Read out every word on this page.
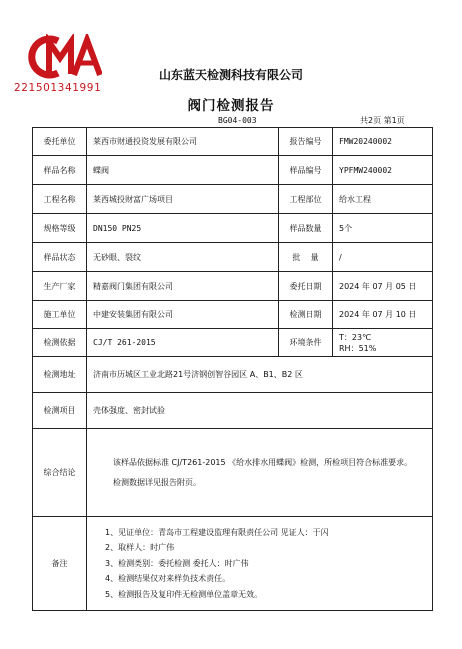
221501341991
山东蓝天检测科技有限公司
阀门检测报告
BG04-003	共2页 第1页
委托单位	莱西市财通投资发展有限公司	报告编号	FMW20240002
样品名称	蝶阀	样品编号	YPFMW240002
工程名称	莱西城投财富广场项目	工程部位	给水工程
规格等级	DN150 PN25	样品数量	5个
样品状态	无砂眼、裂纹	批    量	/
生产厂家	精嘉阀门集团有限公司	委托日期	2024 年 07 月 05 日
施工单位	中建安装集团有限公司	检测日期	2024 年 07 月 10 日
检测依据	CJ/T 261-2015	环境条件	T：23℃
RH：51%

检测地址	济南市历城区工业北路21号济钢创智谷园区 A、B1、B2 区		
检测项目	壳体强度、密封试验		
综合结论	该样品依据标准 CJ/T261-2015 《给水排水用蝶阀》检测，所检项目符合标准要求。

检测数据详见报告附页。		

备注	1、见证单位：青岛市工程建设监理有限责任公司 见证人：于闪
2、取样人：时广伟
3、检测类别：委托检测 委托人：时广伟
4、检测结果仅对来样负技术责任。
5、检测报告及复印件无检测单位盖章无效。		
